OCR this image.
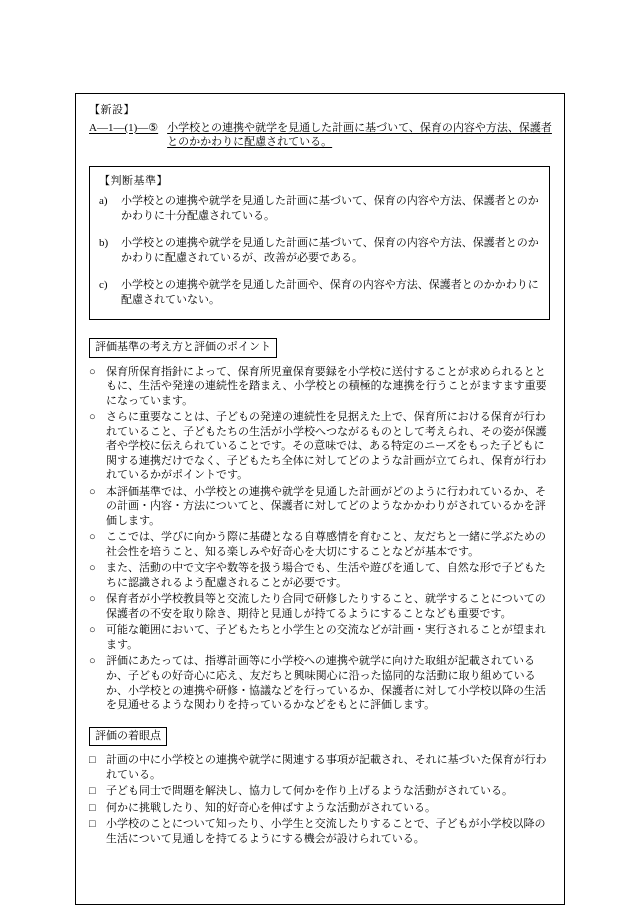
【新設】
A―1―(1)―⑤ 小学校との連携や就学を見通した計画に基づいて、保育の内容や方法、保護者とのかかわりに配慮されている。
【判断基準】
a)	小学校との連携や就学を見通した計画に基づいて、保育の内容や方法、保護者とのかかわりに十分配慮されている。
b)	小学校との連携や就学を見通した計画に基づいて、保育の内容や方法、保護者とのかかわりに配慮されているが、改善が必要である。
c)	小学校との連携や就学を見通した計画や、保育の内容や方法、保護者とのかかわりに配慮されていない。
評価基準の考え方と評価のポイント
○ 保育所保育指針によって、保育所児童保育要録を小学校に送付することが求められるとともに、生活や発達の連続性を踏まえ、小学校との積極的な連携を行うことがますます重要になっています。
○ さらに重要なことは、子どもの発達の連続性を見据えた上で、保育所における保育が行われていること、子どもたちの生活が小学校へつながるものとして考えられ、その姿が保護者や学校に伝えられていることです。その意味では、ある特定のニーズをもった子どもに関する連携だけでなく、子どもたち全体に対してどのような計画が立てられ、保育が行われているかがポイントです。
○ 本評価基準では、小学校との連携や就学を見通した計画がどのように行われているか、その計画・内容・方法についてと、保護者に対してどのようなかかわりがされているかを評価します。
○ ここでは、学びに向かう際に基礎となる自尊感情を育むこと、友だちと一緒に学ぶための社会性を培うこと、知る楽しみや好奇心を大切にすることなどが基本です。
○ また、活動の中で文字や数等を扱う場合でも、生活や遊びを通して、自然な形で子どもたちに認識されるよう配慮されることが必要です。
○ 保育者が小学校教員等と交流したり合同で研修したりすること、就学することについての保護者の不安を取り除き、期待と見通しが持てるようにすることなども重要です。
○ 可能な範囲において、子どもたちと小学生との交流などが計画・実行されることが望まれます。
○ 評価にあたっては、指導計画等に小学校への連携や就学に向けた取組が記載されているか、子どもの好奇心に応え、友だちと興味関心に沿った協同的な活動に取り組めているか、小学校との連携や研修・協議などを行っているか、保護者に対して小学校以降の生活を見通せるような関わりを持っているかなどをもとに評価します。
評価の着眼点
□ 計画の中に小学校との連携や就学に関連する事項が記載され、それに基づいた保育が行われている。
□ 子ども同士で問題を解決し、協力して何かを作り上げるような活動がされている。
□ 何かに挑戦したり、知的好奇心を伸ばすような活動がされている。
□ 小学校のことについて知ったり、小学生と交流したりすることで、子どもが小学校以降の生活について見通しを持てるようにする機会が設けられている。
